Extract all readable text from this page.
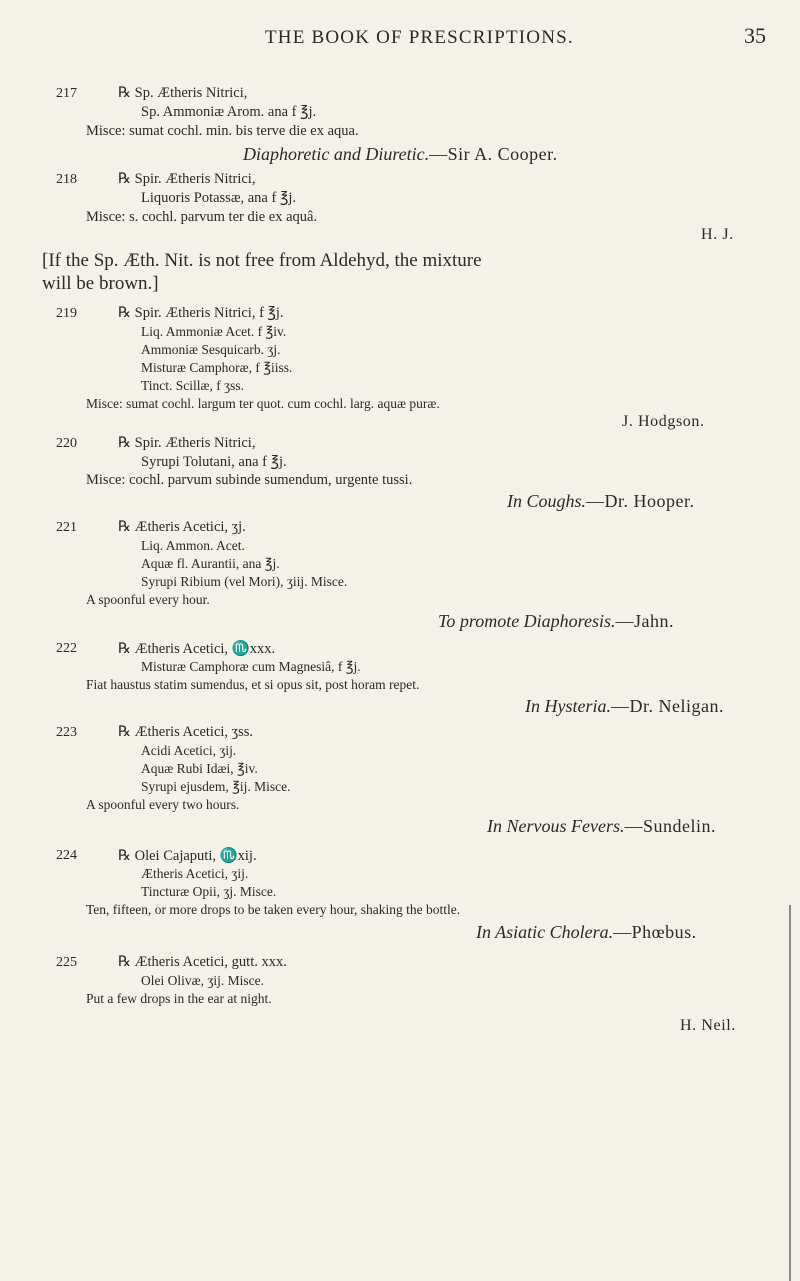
THE BOOK OF PRESCRIPTIONS.	35
217	℞ Sp. Ætheris Nitrici,
Sp. Ammoniæ Arom. ana f ℥j.
Misce: sumat cochl. min. bis terve die ex aqua.
Diaphoretic and Diuretic.—Sir A. Cooper.
218	℞ Spir. Ætheris Nitrici,
Liquoris Potassæ, ana f ℥j.
Misce: s. cochl. parvum ter die ex aquâ.
H. J.
[If the Sp. Æth. Nit. is not free from Aldehyd, the mixture
will be brown.]
219	℞ Spir. Ætheris Nitrici, f ℥j.
Liq. Ammoniæ Acet. f ℥iv.
Ammoniæ Sesquicarb. ʒj.
Misturæ Camphoræ, f ℥iiss.
Tinct. Scillæ, f ʒss.
Misce: sumat cochl. largum ter quot. cum cochl. larg. aquæ puræ.
J. Hodgson.
220	℞ Spir. Ætheris Nitrici,
Syrupi Tolutani, ana f ℥j.
Misce: cochl. parvum subinde sumendum, urgente tussi.
In Coughs.—Dr. Hooper.
221	℞ Ætheris Acetici, ʒj.
Liq. Ammon. Acet.
Aquæ fl. Aurantii, ana ℥j.
Syrupi Ribium (vel Mori), ʒiij. Misce.
A spoonful every hour.
To promote Diaphoresis.—Jahn.
222	℞ Ætheris Acetici, ♏xxx.
Misturæ Camphoræ cum Magnesiâ, f ℥j.
Fiat haustus statim sumendus, et si opus sit, post horam repet.
In Hysteria.—Dr. Neligan.
223	℞ Ætheris Acetici, ʒss.
Acidi Acetici, ʒij.
Aquæ Rubi Idæi, ℥iv.
Syrupi ejusdem, ℥ij. Misce.
A spoonful every two hours.
In Nervous Fevers.—Sundelin.
224	℞ Olei Cajaputi, ♏xij.
Ætheris Acetici, ʒij.
Tincturæ Opii, ʒj. Misce.
Ten, fifteen, or more drops to be taken every hour, shaking the bottle.
In Asiatic Cholera.—Phœbus.
225	℞ Ætheris Acetici, gutt. xxx.
Olei Olivæ, ʒij. Misce.
Put a few drops in the ear at night.
H. Neil.
